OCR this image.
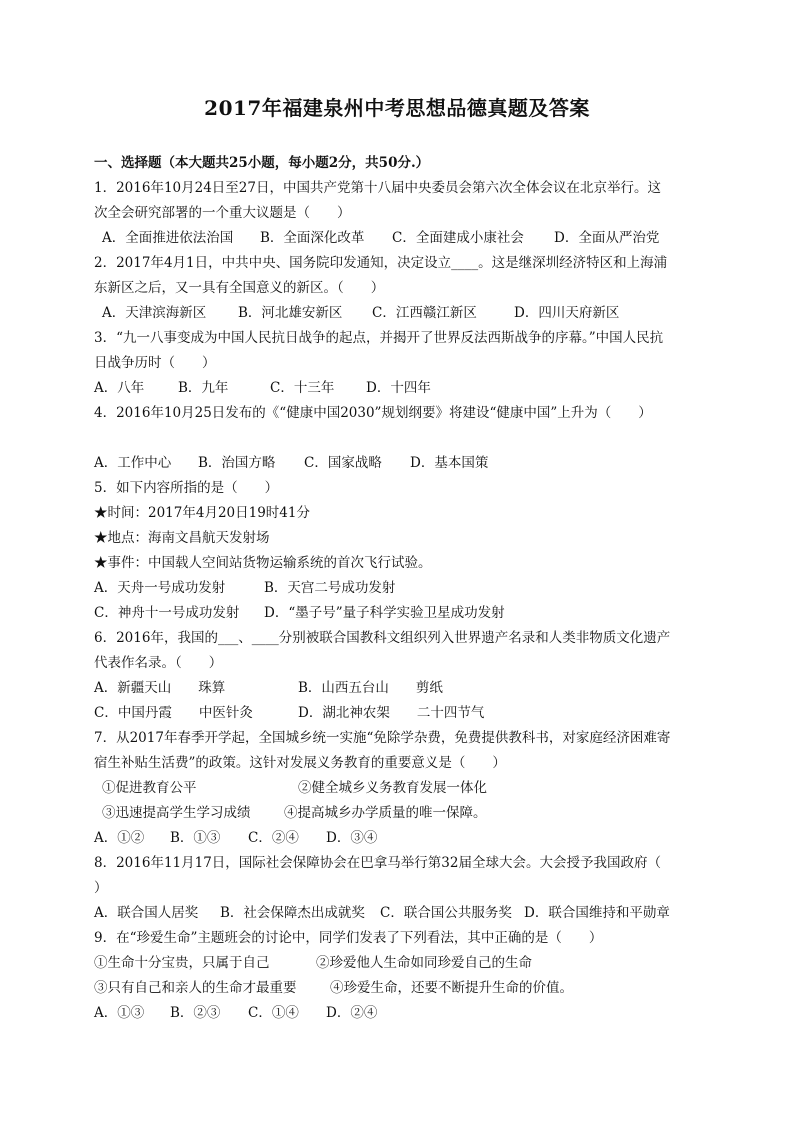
2017年福建泉州中考思想品德真题及答案
一、选择题（本大题共25小题，每小题2分，共50分.）
1．2016年10月24日至27日，中国共产党第十八届中央委员会第六次全体会议在北京举行。这
次全会研究部署的一个重大议题是（　　）

A．全面推进依法治国

B．全面深化改革

C．全面建成小康社会

D．全面从严治党

2．2017年4月1日，中共中央、国务院印发通知，决定设立____。这是继深圳经济特区和上海浦
东新区之后，又一具有全国意义的新区。（　　）

A．天津滨海新区

B．河北雄安新区

C．江西赣江新区

	D．四川天府新区

3．“九一八事变成为中国人民抗日战争的起点，并揭开了世界反法西斯战争的序幕。”中国人民抗
日战争历时（　　）

A．八年

	B．九年

	C．十三年

D．十四年

4．2016年10月25日发布的《“健康中国2030”规划纲要》将建设“健康中国”上升为（　　）

A．工作中心

B．治国方略

C．国家战略

D．基本国策

5．如下内容所指的是（　　）
★时间：2017年4月20日19时41分
★地点：海南文昌航天发射场
★事件：中国载人空间站货物运输系统的首次飞行试验。

A．天舟一号成功发射

	B．天宫二号成功发射

C．神舟十一号成功发射

D．“墨子号”量子科学实验卫星成功发射

6．2016年，我国的___、____分别被联合国教科文组织列入世界遗产名录和人类非物质文化遗产
代表作名录。（　　）

A．新疆天山　　珠算

	B．山西五台山　　剪纸

C．中国丹霞　　中医针灸

	D．湖北神农架　　二十四节气

7．从2017年春季开学起，全国城乡统一实施“免除学杂费，免费提供教科书，对家庭经济困难寄
宿生补贴生活费”的政策。这针对发展义务教育的重要意义是（　　）

①促进教育公平

	②健全城乡义务教育发展一体化

③迅速提高学生学习成绩

④提高城乡办学质量的唯一保障。

A．①②

B．①③

C．②④

D．③④

8．2016年11月17日，国际社会保障协会在巴拿马举行第32届全球大会。大会授予我国政府（
）

A．联合国人居奖

B．社会保障杰出成就奖

C．联合国公共服务奖

D．联合国维持和平勋章

9．在“珍爱生命”主题班会的讨论中，同学们发表了下列看法，其中正确的是（　　）

①生命十分宝贵，只属于自己

	②珍爱他人生命如同珍爱自己的生命

③只有自己和亲人的生命才最重要

④珍爱生命，还要不断提升生命的价值。

A．①③

B．②③

C．①④

D．②④
